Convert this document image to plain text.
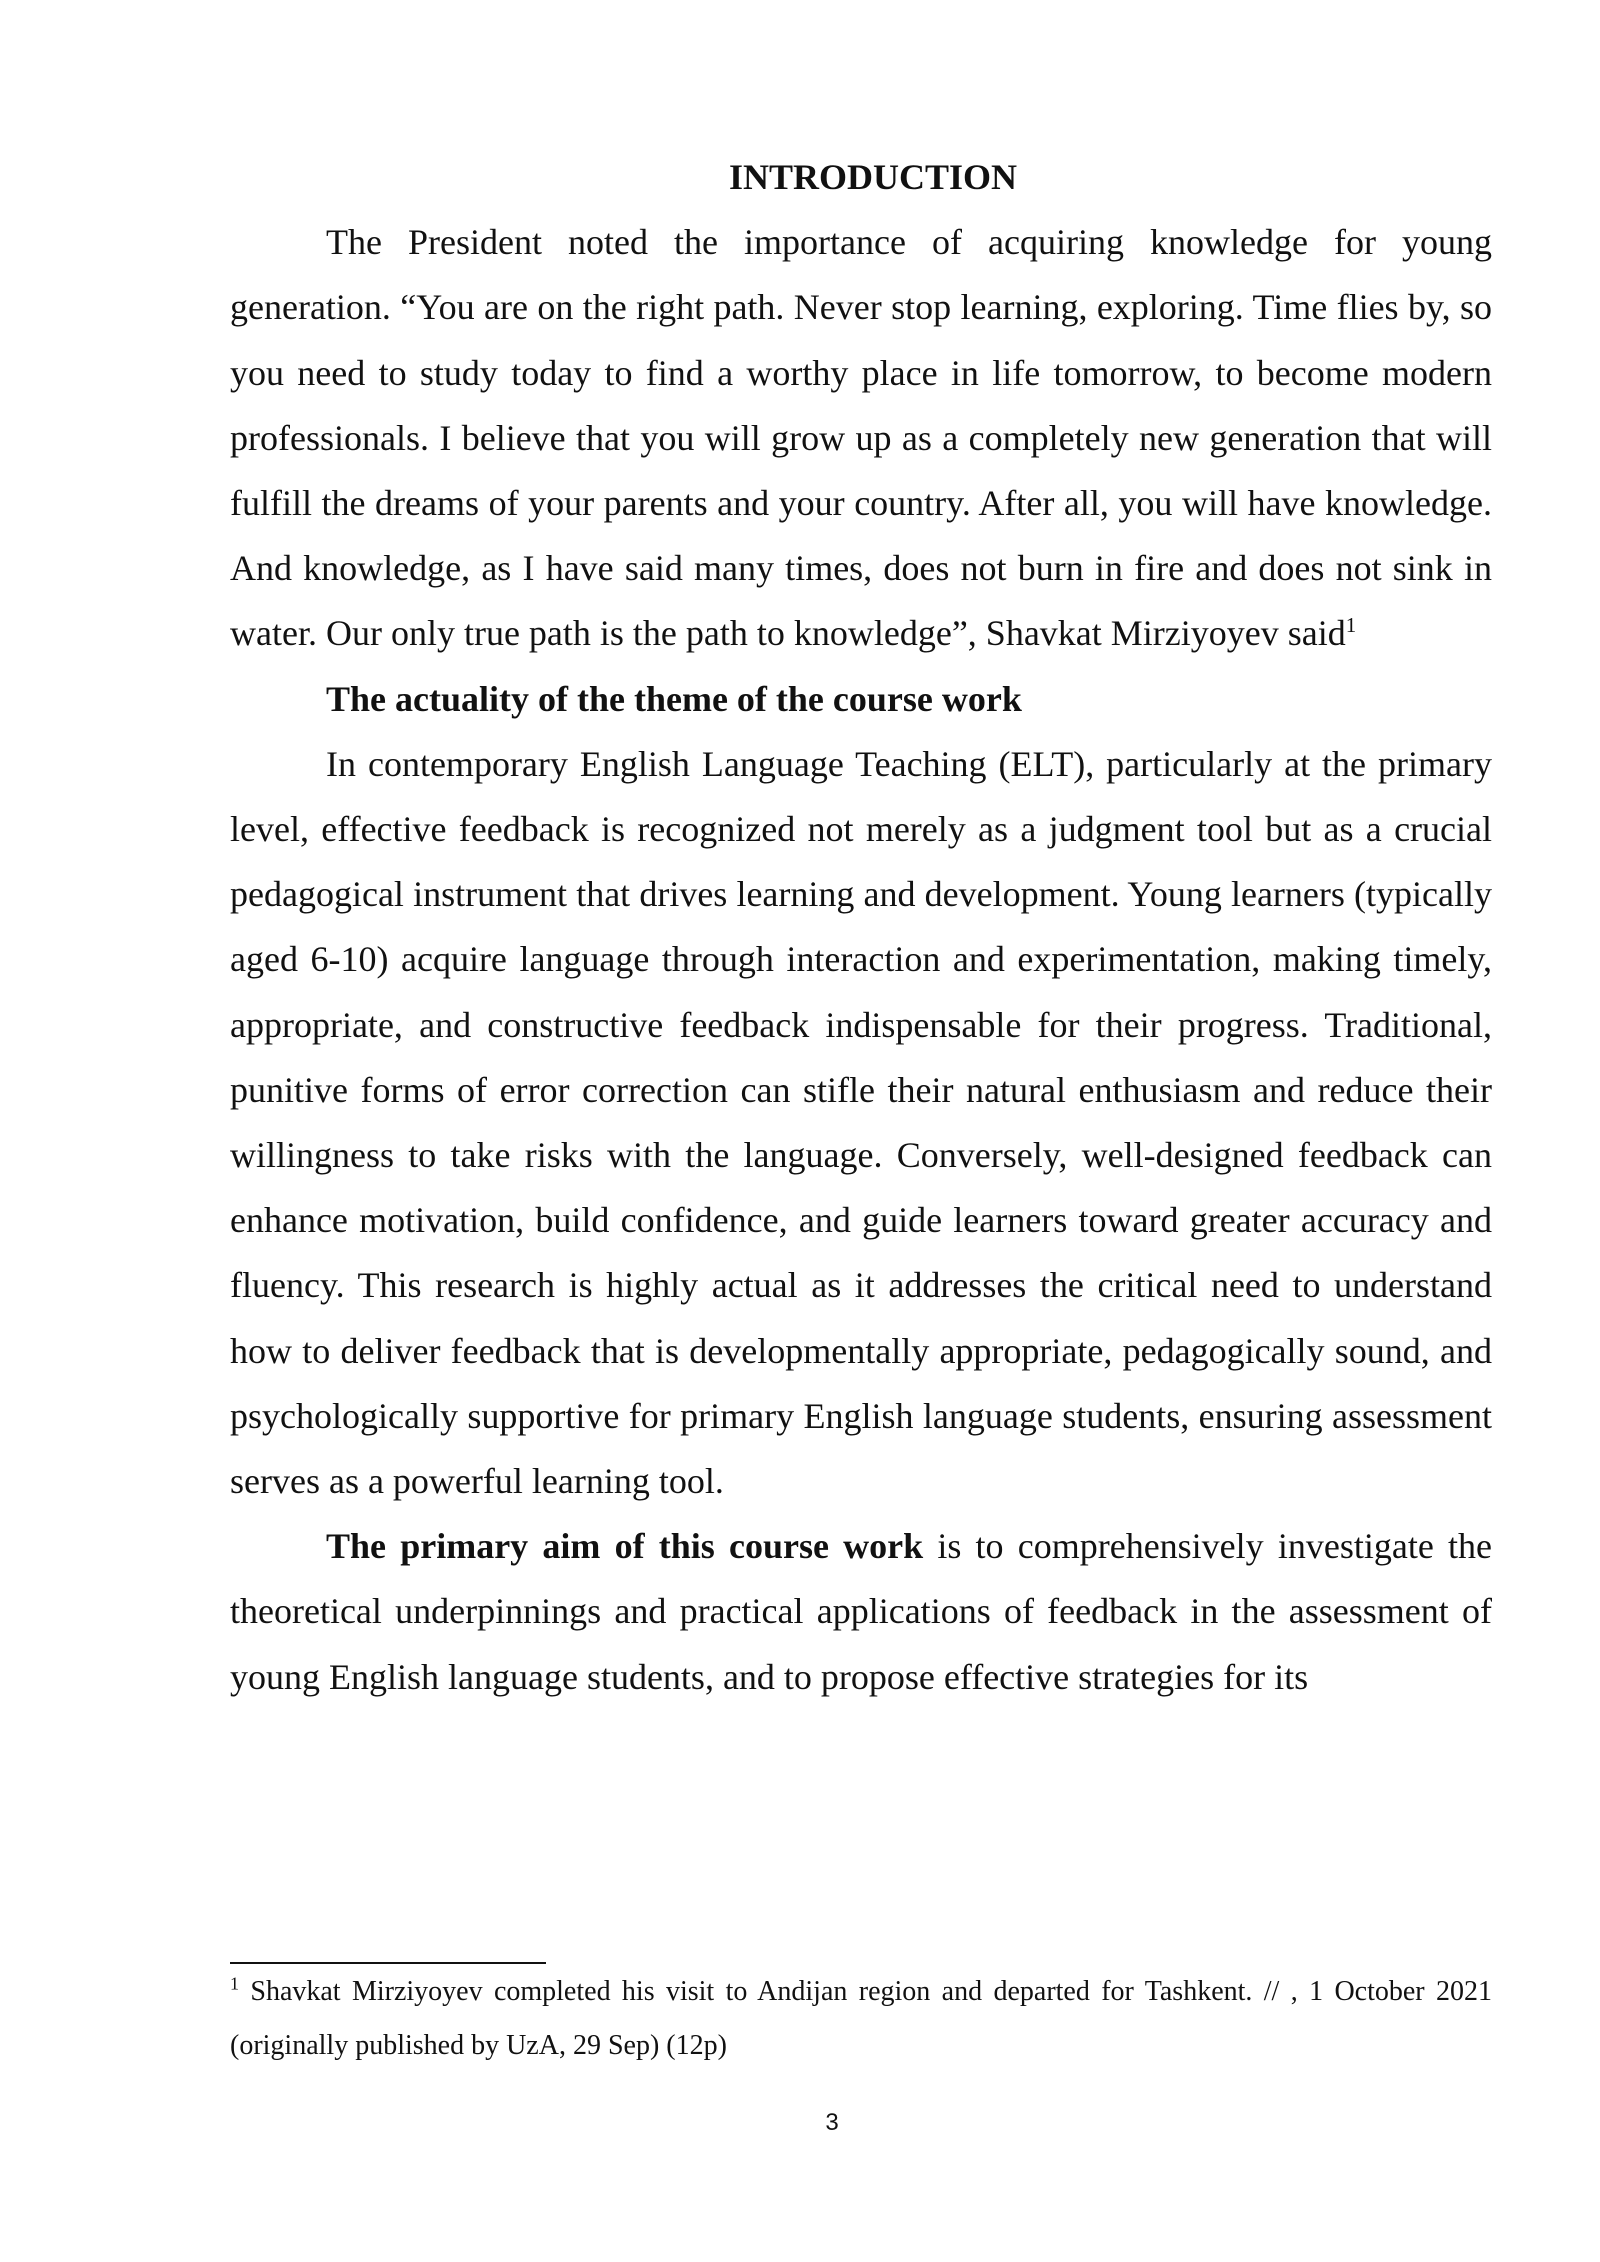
INTRODUCTION

The President noted the importance of acquiring knowledge for young generation. “You are on the right path. Never stop learning, exploring. Time flies by, so you need to study today to find a worthy place in life tomorrow, to become modern professionals. I believe that you will grow up as a completely new generation that will fulfill the dreams of your parents and your country. After all, you will have knowledge. And knowledge, as I have said many times, does not burn in fire and does not sink in water. Our only true path is the path to knowledge”, Shavkat Mirziyoyev said$^1$

The actuality of the theme of the course work

In contemporary English Language Teaching (ELT), particularly at the primary level, effective feedback is recognized not merely as a judgment tool but as a crucial pedagogical instrument that drives learning and development. Young learners (typically aged 6-10) acquire language through interaction and experimentation, making timely, appropriate, and constructive feedback indispensable for their progress. Traditional, punitive forms of error correction can stifle their natural enthusiasm and reduce their willingness to take risks with the language. Conversely, well-designed feedback can enhance motivation, build confidence, and guide learners toward greater accuracy and fluency. This research is highly actual as it addresses the critical need to understand how to deliver feedback that is developmentally appropriate, pedagogically sound, and psychologically supportive for primary English language students, ensuring assessment serves as a powerful learning tool.

The primary aim of this course work is to comprehensively investigate the theoretical underpinnings and practical applications of feedback in the assessment of young English language students, and to propose effective strategies for its

$^1$ Shavkat Mirziyoyev completed his visit to Andijan region and departed for Tashkent. // , 1 October 2021 (originally published by UzA, 29 Sep) (12p)

3
